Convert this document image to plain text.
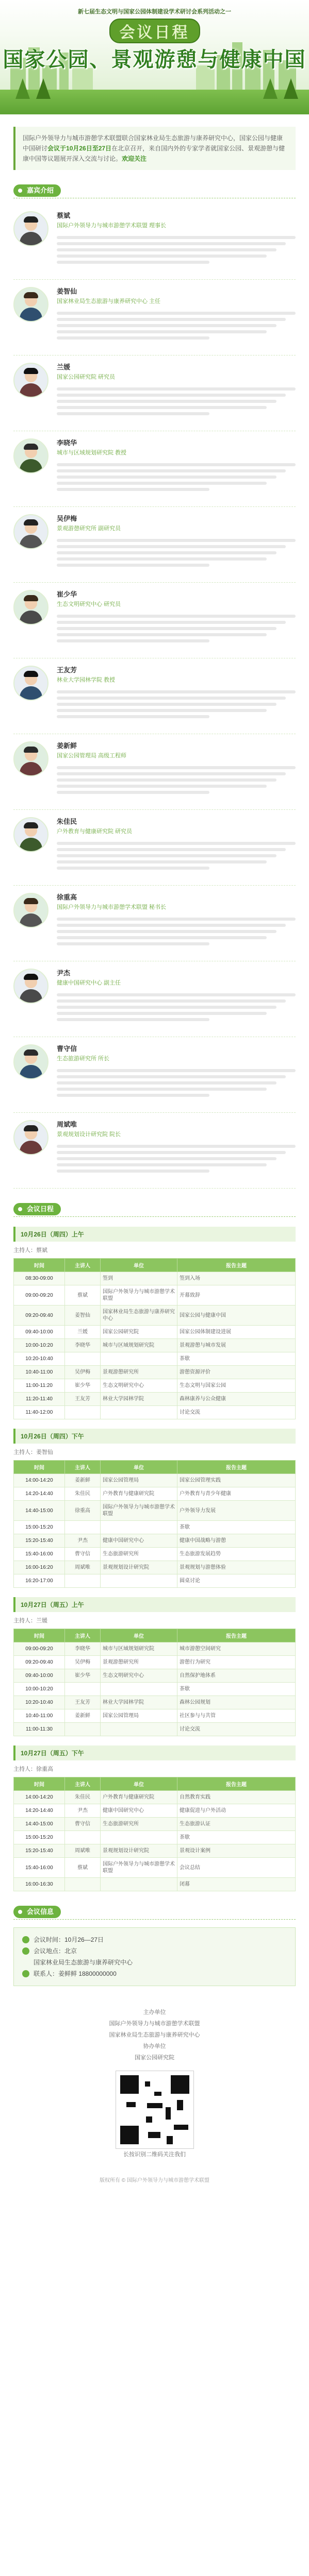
新七届生态文明与国家公园体制建设学术研讨会系列活动之一
会议日程
国家公园、景观游憩与健康中国
国际户外领导力与城市游憩学术联盟联合国家林业局生态旅游与康养研究中心，国家公园与健康中国研讨会议于10月26日至27日在北京召开，来自国内外的专家学者就国家公园、景观游憩与健康中国等议题展开深入交流与讨论。欢迎关注
嘉宾介绍
蔡斌
国际户外领导力与城市游憩学术联盟 理事长
姜智仙
国家林业局生态旅游与康养研究中心 主任
兰媛
国家公园研究院 研究员
李晓华
城市与区域规划研究院 教授
吴伊梅
景观游憩研究所 副研究员
崔少华
生态文明研究中心 研究员
王友芳
林业大学园林学院 教授
姜新鲜
国家公园管理局 高级工程师
朱佳民
户外教育与健康研究院 研究员
徐重高
国际户外领导力与城市游憩学术联盟 秘书长
尹杰
健康中国研究中心 副主任
曹守信
生态旅游研究所 所长
周斌唯
景观规划设计研究院 院长
会议日程
10月26日（周四）上午
主持人：蔡斌
时间	主讲人	单位	报告主题
08:30-09:00		签到	签到入场
09:00-09:20	蔡斌	国际户外领导力与城市游憩学术联盟	开幕致辞
09:20-09:40	姜智仙	国家林业局生态旅游与康养研究中心	国家公园与健康中国
09:40-10:00	兰媛	国家公园研究院	国家公园体制建设进展
10:00-10:20	李晓华	城市与区域规划研究院	景观游憩与城市发展
10:20-10:40			茶歇
10:40-11:00	吴伊梅	景观游憩研究所	游憩资源评价
11:00-11:20	崔少华	生态文明研究中心	生态文明与国家公园
11:20-11:40	王友芳	林业大学园林学院	森林康养与公众健康
11:40-12:00			讨论交流
10月26日（周四）下午
主持人：姜智仙
时间	主讲人	单位	报告主题
14:00-14:20	姜新鲜	国家公园管理局	国家公园管理实践
14:20-14:40	朱佳民	户外教育与健康研究院	户外教育与青少年健康
14:40-15:00	徐重高	国际户外领导力与城市游憩学术联盟	户外领导力发展
15:00-15:20			茶歇
15:20-15:40	尹杰	健康中国研究中心	健康中国战略与游憩
15:40-16:00	曹守信	生态旅游研究所	生态旅游发展趋势
16:00-16:20	周斌唯	景观规划设计研究院	景观规划与游憩体验
16:20-17:00			圆桌讨论
10月27日（周五）上午
主持人：兰媛
时间	主讲人	单位	报告主题
09:00-09:20	李晓华	城市与区域规划研究院	城市游憩空间研究
09:20-09:40	吴伊梅	景观游憩研究所	游憩行为研究
09:40-10:00	崔少华	生态文明研究中心	自然保护地体系
10:00-10:20			茶歇
10:20-10:40	王友芳	林业大学园林学院	森林公园规划
10:40-11:00	姜新鲜	国家公园管理局	社区参与与共管
11:00-11:30			讨论交流
10月27日（周五）下午
主持人：徐重高
时间	主讲人	单位	报告主题
14:00-14:20	朱佳民	户外教育与健康研究院	自然教育实践
14:20-14:40	尹杰	健康中国研究中心	健康促进与户外活动
14:40-15:00	曹守信	生态旅游研究所	生态旅游认证
15:00-15:20			茶歇
15:20-15:40	周斌唯	景观规划设计研究院	景观设计案例
15:40-16:00	蔡斌	国际户外领导力与城市游憩学术联盟	会议总结
16:00-16:30			闭幕
会议信息
会议时间：10月26—27日
会议地点：北京
国家林业局生态旅游与康养研究中心
联系人：姜鲜鲜 18800000000
主办单位
国际户外领导力与城市游憩学术联盟
国家林业局生态旅游与康养研究中心
协办单位
国家公园研究院
长按识别二维码关注我们
版权所有 © 国际户外领导力与城市游憩学术联盟
